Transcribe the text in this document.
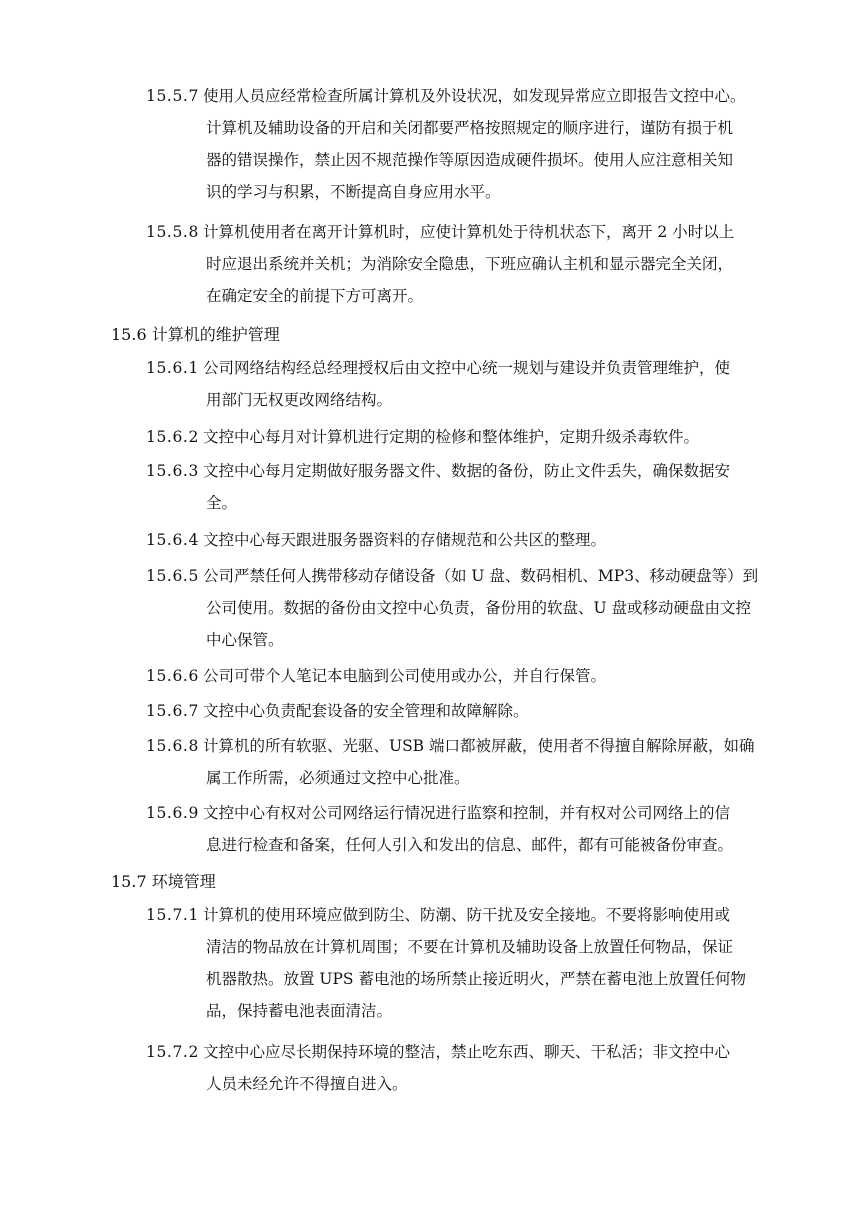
15.5.7 使用人员应经常检查所属计算机及外设状况，如发现异常应立即报告文控中心。
计算机及辅助设备的开启和关闭都要严格按照规定的顺序进行，谨防有损于机
器的错误操作，禁止因不规范操作等原因造成硬件损坏。使用人应注意相关知
识的学习与积累，不断提高自身应用水平。
15.5.8 计算机使用者在离开计算机时，应使计算机处于待机状态下，离开 2 小时以上
时应退出系统并关机；为消除安全隐患，下班应确认主机和显示器完全关闭，
在确定安全的前提下方可离开。
15.6 计算机的维护管理
15.6.1 公司网络结构经总经理授权后由文控中心统一规划与建设并负责管理维护，使
用部门无权更改网络结构。
15.6.2 文控中心每月对计算机进行定期的检修和整体维护，定期升级杀毒软件。
15.6.3 文控中心每月定期做好服务器文件、数据的备份，防止文件丢失，确保数据安
全。
15.6.4 文控中心每天跟进服务器资料的存储规范和公共区的整理。
15.6.5 公司严禁任何人携带移动存储设备（如 U 盘、数码相机、MP3、移动硬盘等）到
公司使用。数据的备份由文控中心负责，备份用的软盘、U 盘或移动硬盘由文控
中心保管。
15.6.6 公司可带个人笔记本电脑到公司使用或办公，并自行保管。
15.6.7 文控中心负责配套设备的安全管理和故障解除。
15.6.8 计算机的所有软驱、光驱、USB 端口都被屏蔽，使用者不得擅自解除屏蔽，如确
属工作所需，必须通过文控中心批准。
15.6.9 文控中心有权对公司网络运行情况进行监察和控制，并有权对公司网络上的信
息进行检查和备案，任何人引入和发出的信息、邮件，都有可能被备份审查。
15.7 环境管理
15.7.1 计算机的使用环境应做到防尘、防潮、防干扰及安全接地。不要将影响使用或
清洁的物品放在计算机周围；不要在计算机及辅助设备上放置任何物品，保证
机器散热。放置 UPS 蓄电池的场所禁止接近明火，严禁在蓄电池上放置任何物
品，保持蓄电池表面清洁。
15.7.2 文控中心应尽长期保持环境的整洁，禁止吃东西、聊天、干私活；非文控中心
人员未经允许不得擅自进入。
